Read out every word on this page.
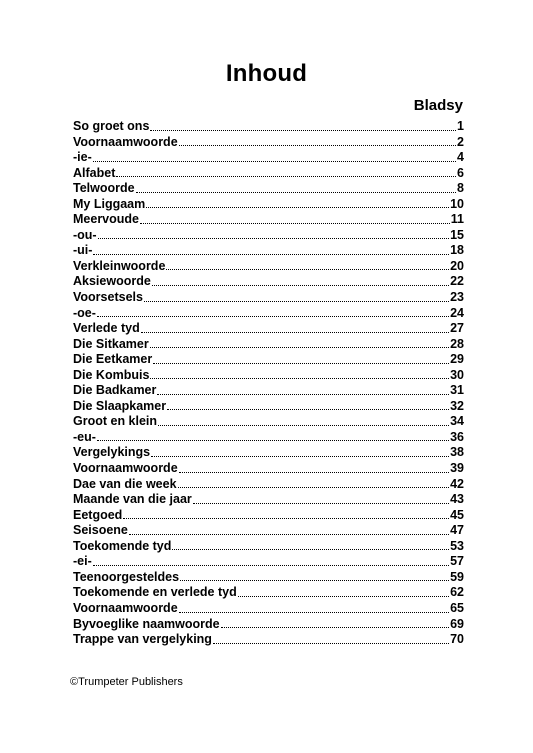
Inhoud
Bladsy
So groet ons	1
Voornaamwoorde	2
-ie-	4
Alfabet	6
Telwoorde	8
My Liggaam	10
Meervoude	11
-ou-	15
-ui-	18
Verkleinwoorde	20
Aksiewoorde	22
Voorsetsels	23
-oe-	24
Verlede tyd	27
Die Sitkamer	28
Die Eetkamer	29
Die Kombuis	30
Die Badkamer	31
Die Slaapkamer	32
Groot en klein	34
-eu-	36
Vergelykings	38
Voornaamwoorde	39
Dae van die week	42
Maande van die jaar	43
Eetgoed	45
Seisoene	47
Toekomende tyd	53
-ei-	57
Teenoorgesteldes	59
Toekomende en verlede tyd	62
Voornaamwoorde	65
Byvoeglike naamwoorde	69
Trappe van vergelyking	70
©Trumpeter Publishers
